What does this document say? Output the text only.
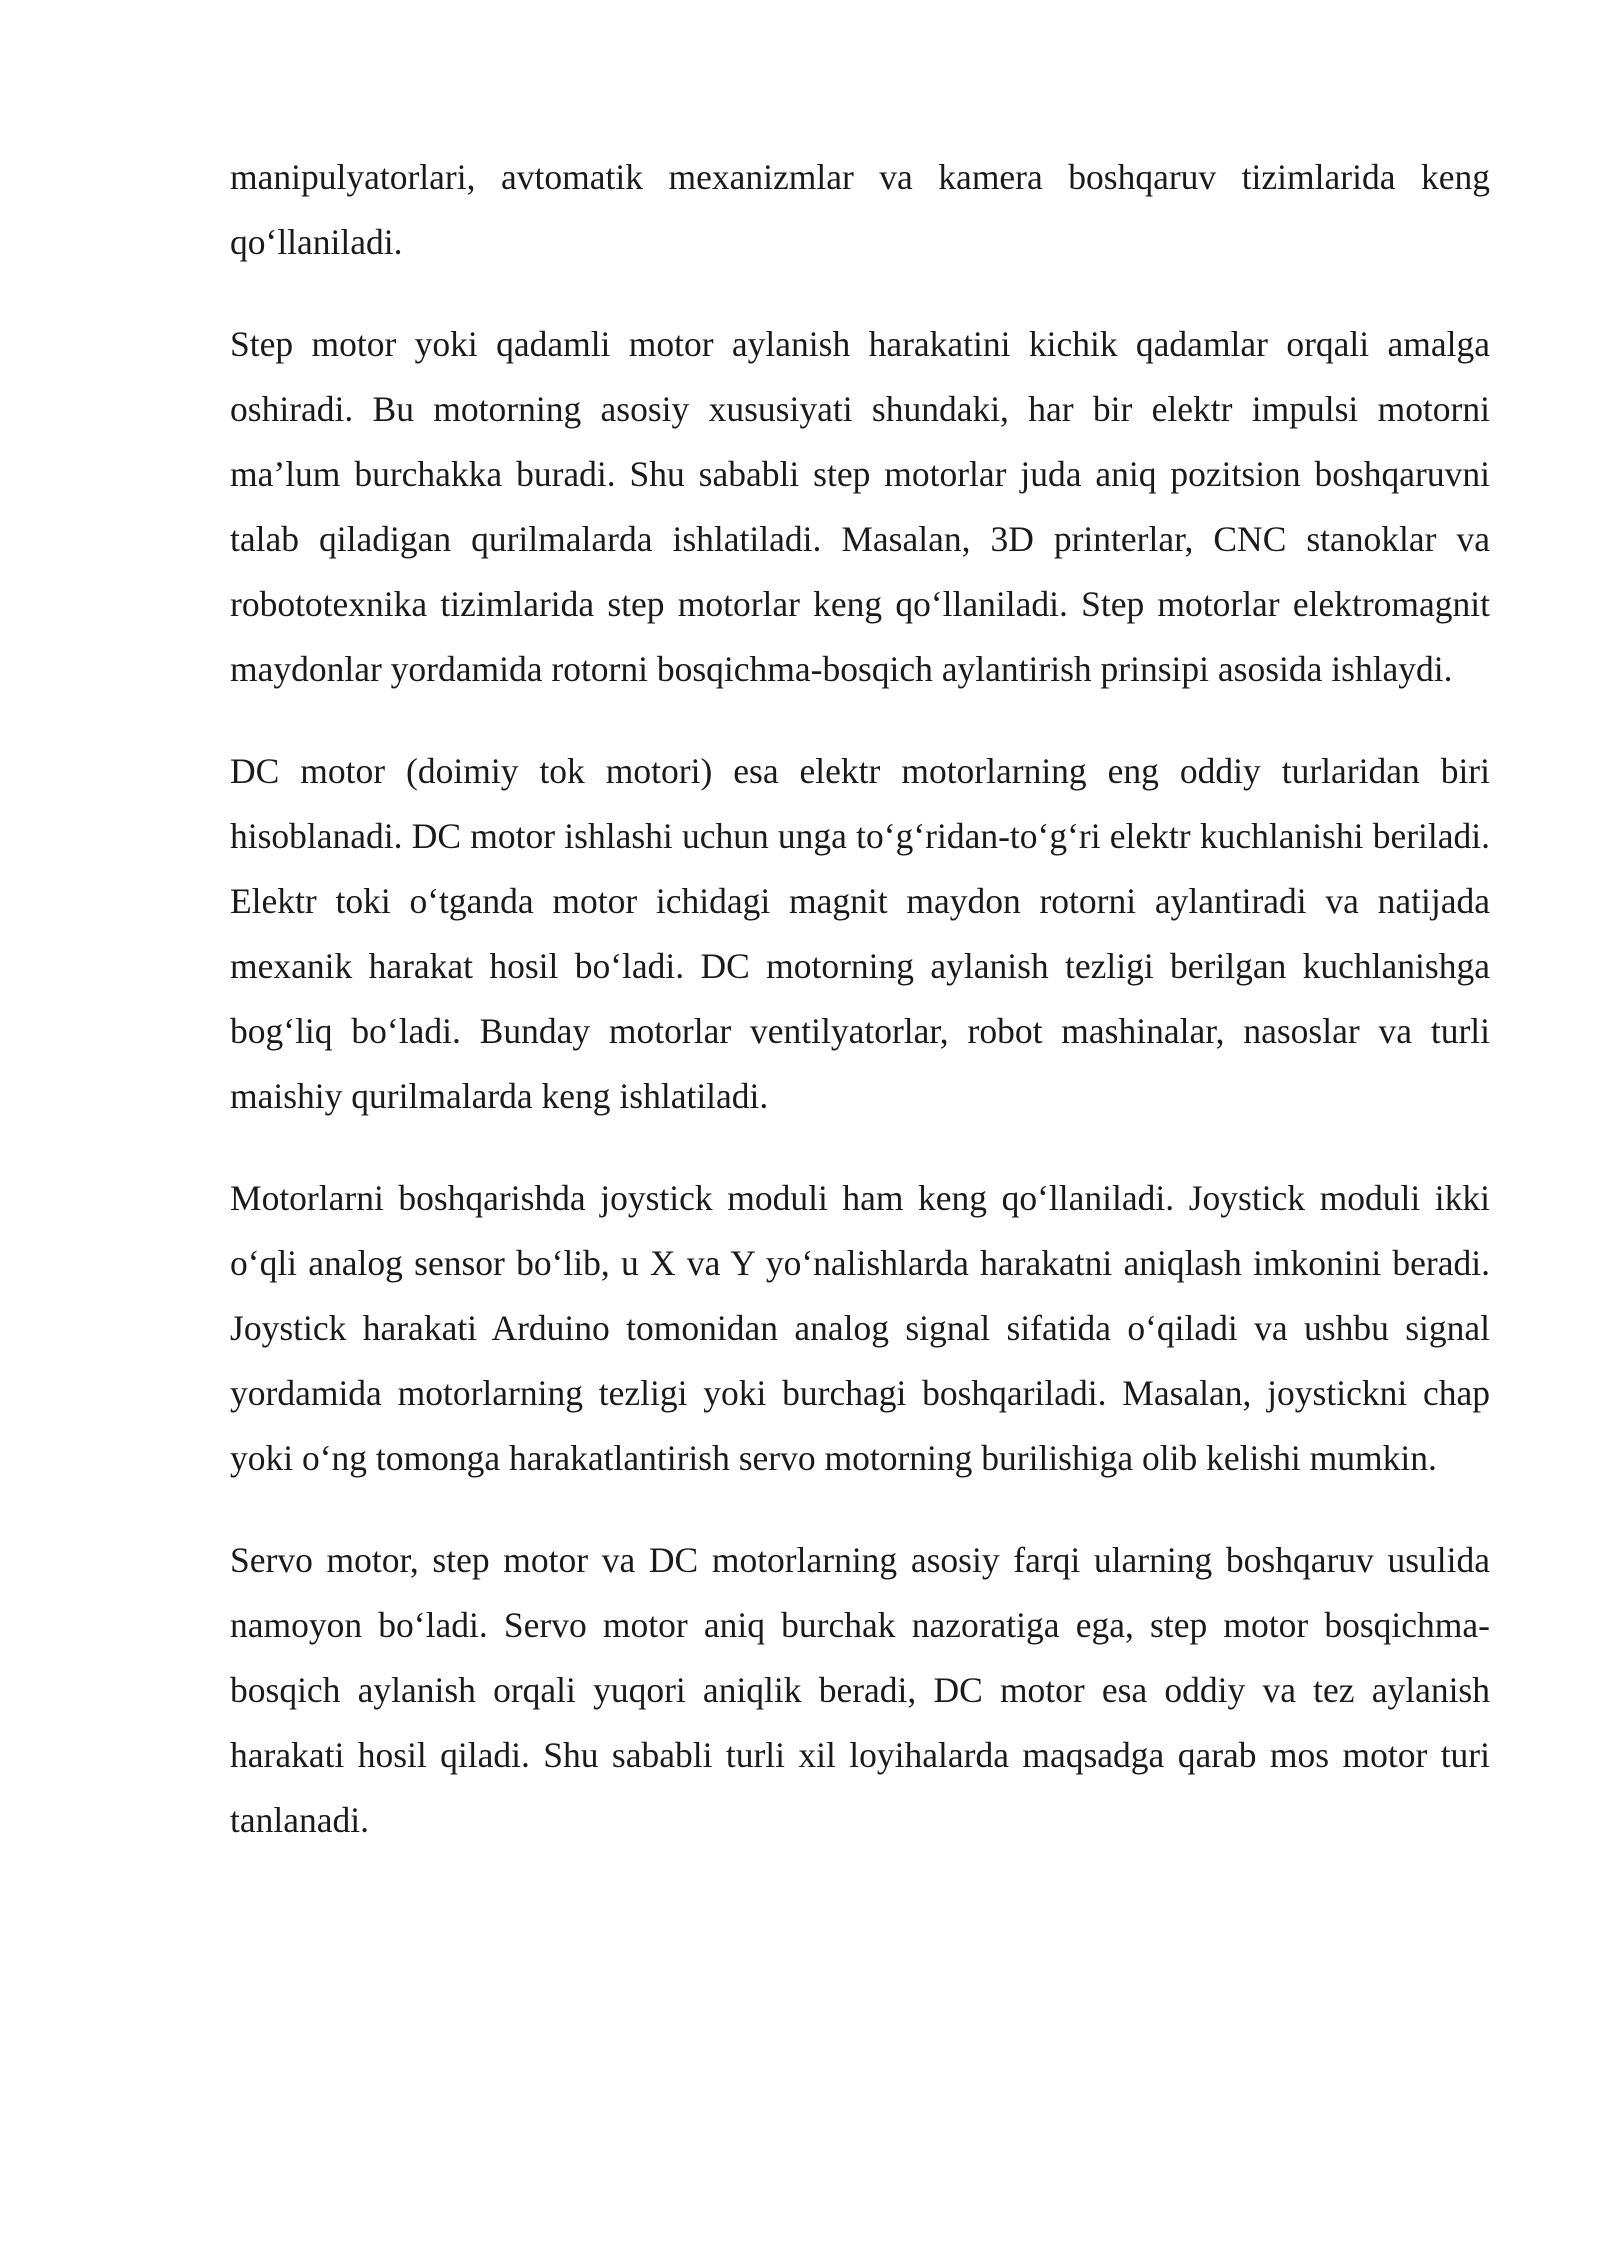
manipulyatorlari, avtomatik mexanizmlar va kamera boshqaruv tizimlarida keng qo‘llaniladi.

Step motor yoki qadamli motor aylanish harakatini kichik qadamlar orqali amalga oshiradi. Bu motorning asosiy xususiyati shundaki, har bir elektr impulsi motorni ma’lum burchakka buradi. Shu sababli step motorlar juda aniq pozitsion boshqaruvni talab qiladigan qurilmalarda ishlatiladi. Masalan, 3D printerlar, CNC stanoklar va robototexnika tizimlarida step motorlar keng qo‘llaniladi. Step motorlar elektromagnit maydonlar yordamida rotorni bosqichma-bosqich aylantirish prinsipi asosida ishlaydi.

DC motor (doimiy tok motori) esa elektr motorlarning eng oddiy turlaridan biri hisoblanadi. DC motor ishlashi uchun unga to‘g‘ridan-to‘g‘ri elektr kuchlanishi beriladi. Elektr toki o‘tganda motor ichidagi magnit maydon rotorni aylantiradi va natijada mexanik harakat hosil bo‘ladi. DC motorning aylanish tezligi berilgan kuchlanishga bog‘liq bo‘ladi. Bunday motorlar ventilyatorlar, robot mashinalar, nasoslar va turli maishiy qurilmalarda keng ishlatiladi.

Motorlarni boshqarishda joystick moduli ham keng qo‘llaniladi. Joystick moduli ikki o‘qli analog sensor bo‘lib, u X va Y yo‘nalishlarda harakatni aniqlash imkonini beradi. Joystick harakati Arduino tomonidan analog signal sifatida o‘qiladi va ushbu signal yordamida motorlarning tezligi yoki burchagi boshqariladi. Masalan, joystickni chap yoki o‘ng tomonga harakatlantirish servo motorning burilishiga olib kelishi mumkin.

Servo motor, step motor va DC motorlarning asosiy farqi ularning boshqaruv usulida namoyon bo‘ladi. Servo motor aniq burchak nazoratiga ega, step motor bosqichma-bosqich aylanish orqali yuqori aniqlik beradi, DC motor esa oddiy va tez aylanish harakati hosil qiladi. Shu sababli turli xil loyihalarda maqsadga qarab mos motor turi tanlanadi.
